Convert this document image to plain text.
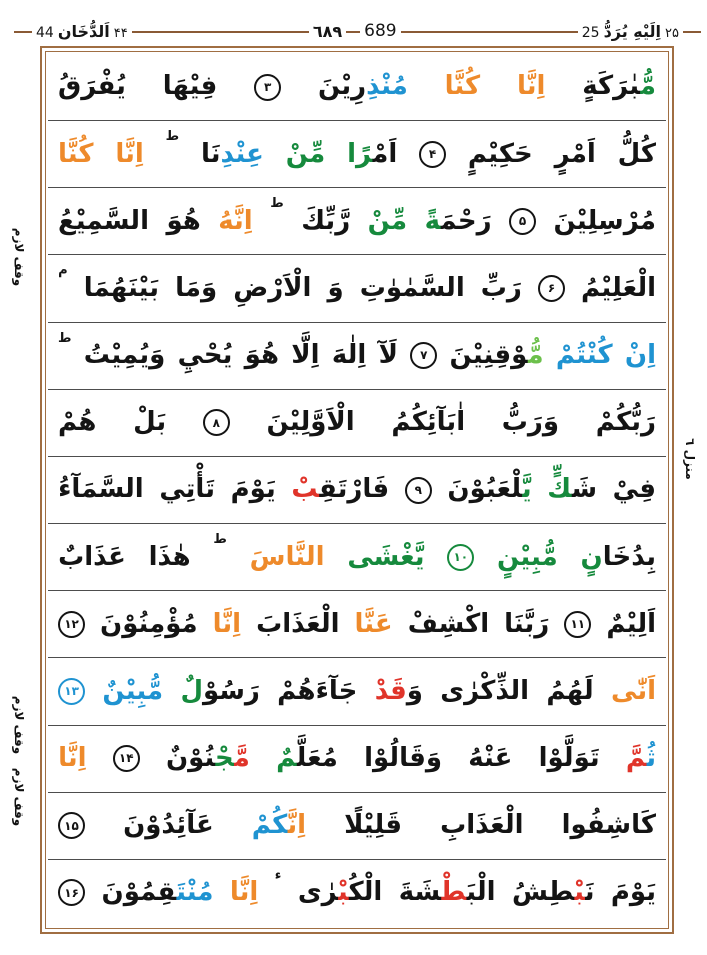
44 اَلدُّخَان ۴۴	٦٨٩ 689	25 اِلَيْهِ يُرَدُّ ۲۵
مُّ‍
‍بٰرَكَةٍ
اِنَّا
كُنَّا
مُنْذِ
رِيْنَ
۳
فِيْهَا
يُفْرَقُ
كُلُّ
اَمْرٍ
حَكِيْمٍ
۴
اَمْ‍
‍رًا
مِّنْ
عِنْدِ
نَا
ط
اِنَّا
كُنَّا
مُرْسِلِيْنَ
۵
رَحْمَ‍
‍ةً
مِّنْ
رَّبِّكَ
ط
اِنَّهُ
هُوَ
السَّمِيْعُ
الْعَلِيْمُ
۶
رَبِّ
السَّمٰوٰتِ
وَ
الْاَرْضِ
وَمَا
بَيْنَهُمَا
م
اِنْ
كُنْتُمْ
مُّ‍
‍وْقِنِيْنَ
۷
لَآ
اِلٰهَ
اِلَّا
هُوَ
يُحْيِ
وَيُمِيْتُ
ط
رَبُّكُمْ
وَرَبُّ
اٰبَآئِكُمُ
الْاَوَّلِيْنَ
۸
بَلْ
هُمْ
فِيْ
شَ‍
‍كٍّ
يَّ‍
‍لْعَبُوْنَ
۹
فَارْتَقِ‍
‍بْ
يَوْمَ
تَأْتِي
السَّمَآءُ
بِدُخَا
نٍ
مُّبِيْنٍ
۱۰
يَّغْشَى
النَّاسَ
ط
هٰذَا
عَذَابٌ
اَلِيْمٌ
۱۱
رَبَّنَا
اكْشِفْ
عَنَّا
الْعَذَابَ
اِنَّا
مُؤْمِنُوْنَ
۱۲
اَنّٰى
لَهُمُ
الذِّكْرٰى
وَ
قَدْ
جَآءَهُمْ
رَسُوْ
لٌ
مُّبِيْنٌ
۱۳
ثُ‍
‍مَّ
تَوَلَّوْا
عَنْهُ
وَقَالُوْا
مُعَلَّ‍
‍مٌ
مَّ‍
‍جْ‍
‍نُوْنٌ
۱۴
اِنَّا
كَاشِفُوا
الْعَذَابِ
قَلِيْلًا
اِنَّ‍
‍كُمْ
عَآئِدُوْنَ
۱۵
يَوْمَ
نَ‍
‍بْ‍
‍طِشُ
الْبَ‍
‍طْ‍
‍شَةَ
الْكُ‍
‍بْ‍
‍رٰى
ء
اِنَّا
مُنْتَ‍
‍قِمُوْنَ
۱۶
وقف لازم
وقف لازم
وقف لازم
منزل ٦
